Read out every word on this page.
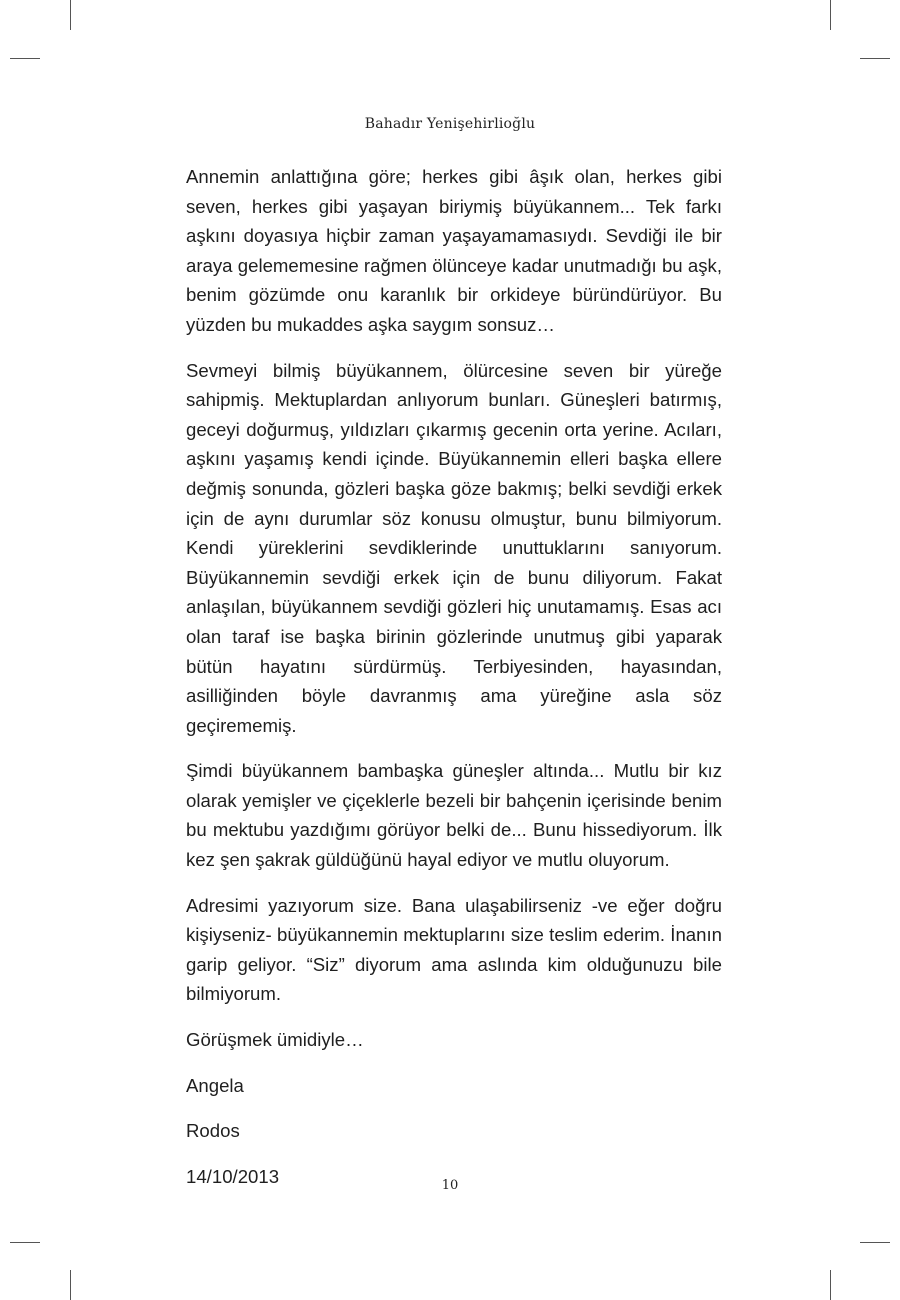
Bahadır Yenişehirlioğlu

Annemin anlattığına göre; herkes gibi âşık olan, herkes gibi seven, herkes gibi yaşayan biriymiş büyükannem... Tek farkı aşkını doyasıya hiçbir zaman yaşayamamasıydı. Sevdiği ile bir araya gelememesine rağmen ölünceye kadar unutmadığı bu aşk, benim gözümde onu karanlık bir orkideye büründürüyor. Bu yüzden bu mukaddes aşka saygım sonsuz…

Sevmeyi bilmiş büyükannem, ölürcesine seven bir yüreğe sahipmiş. Mektuplardan anlıyorum bunları. Güneşleri batırmış, geceyi doğurmuş, yıldızları çıkarmış gecenin orta yerine. Acıları, aşkını yaşamış kendi içinde. Büyükannemin elleri başka ellere değmiş sonunda, gözleri başka göze bakmış; belki sevdiği erkek için de aynı durumlar söz konusu olmuştur, bunu bilmiyorum. Kendi yüreklerini sevdiklerinde unuttuklarını sanıyorum. Büyükannemin sevdiği erkek için de bunu diliyorum. Fakat anlaşılan, büyükannem sevdiği gözleri hiç unutamamış. Esas acı olan taraf ise başka birinin gözlerinde unutmuş gibi yaparak bütün hayatını sürdürmüş. Terbiyesinden, hayasından, asilliğinden böyle davranmış ama yüreğine asla söz geçirememiş.

Şimdi büyükannem bambaşka güneşler altında... Mutlu bir kız olarak yemişler ve çiçeklerle bezeli bir bahçenin içerisinde benim bu mektubu yazdığımı görüyor belki de... Bunu hissediyorum. İlk kez şen şakrak güldüğünü hayal ediyor ve mutlu oluyorum.

Adresimi yazıyorum size. Bana ulaşabilirseniz -ve eğer doğru kişiyseniz- büyükannemin mektuplarını size teslim ederim. İnanın garip geliyor. “Siz” diyorum ama aslında kim olduğunuzu bile bilmiyorum.

Görüşmek ümidiyle…

Angela

Rodos

14/10/2013	10
